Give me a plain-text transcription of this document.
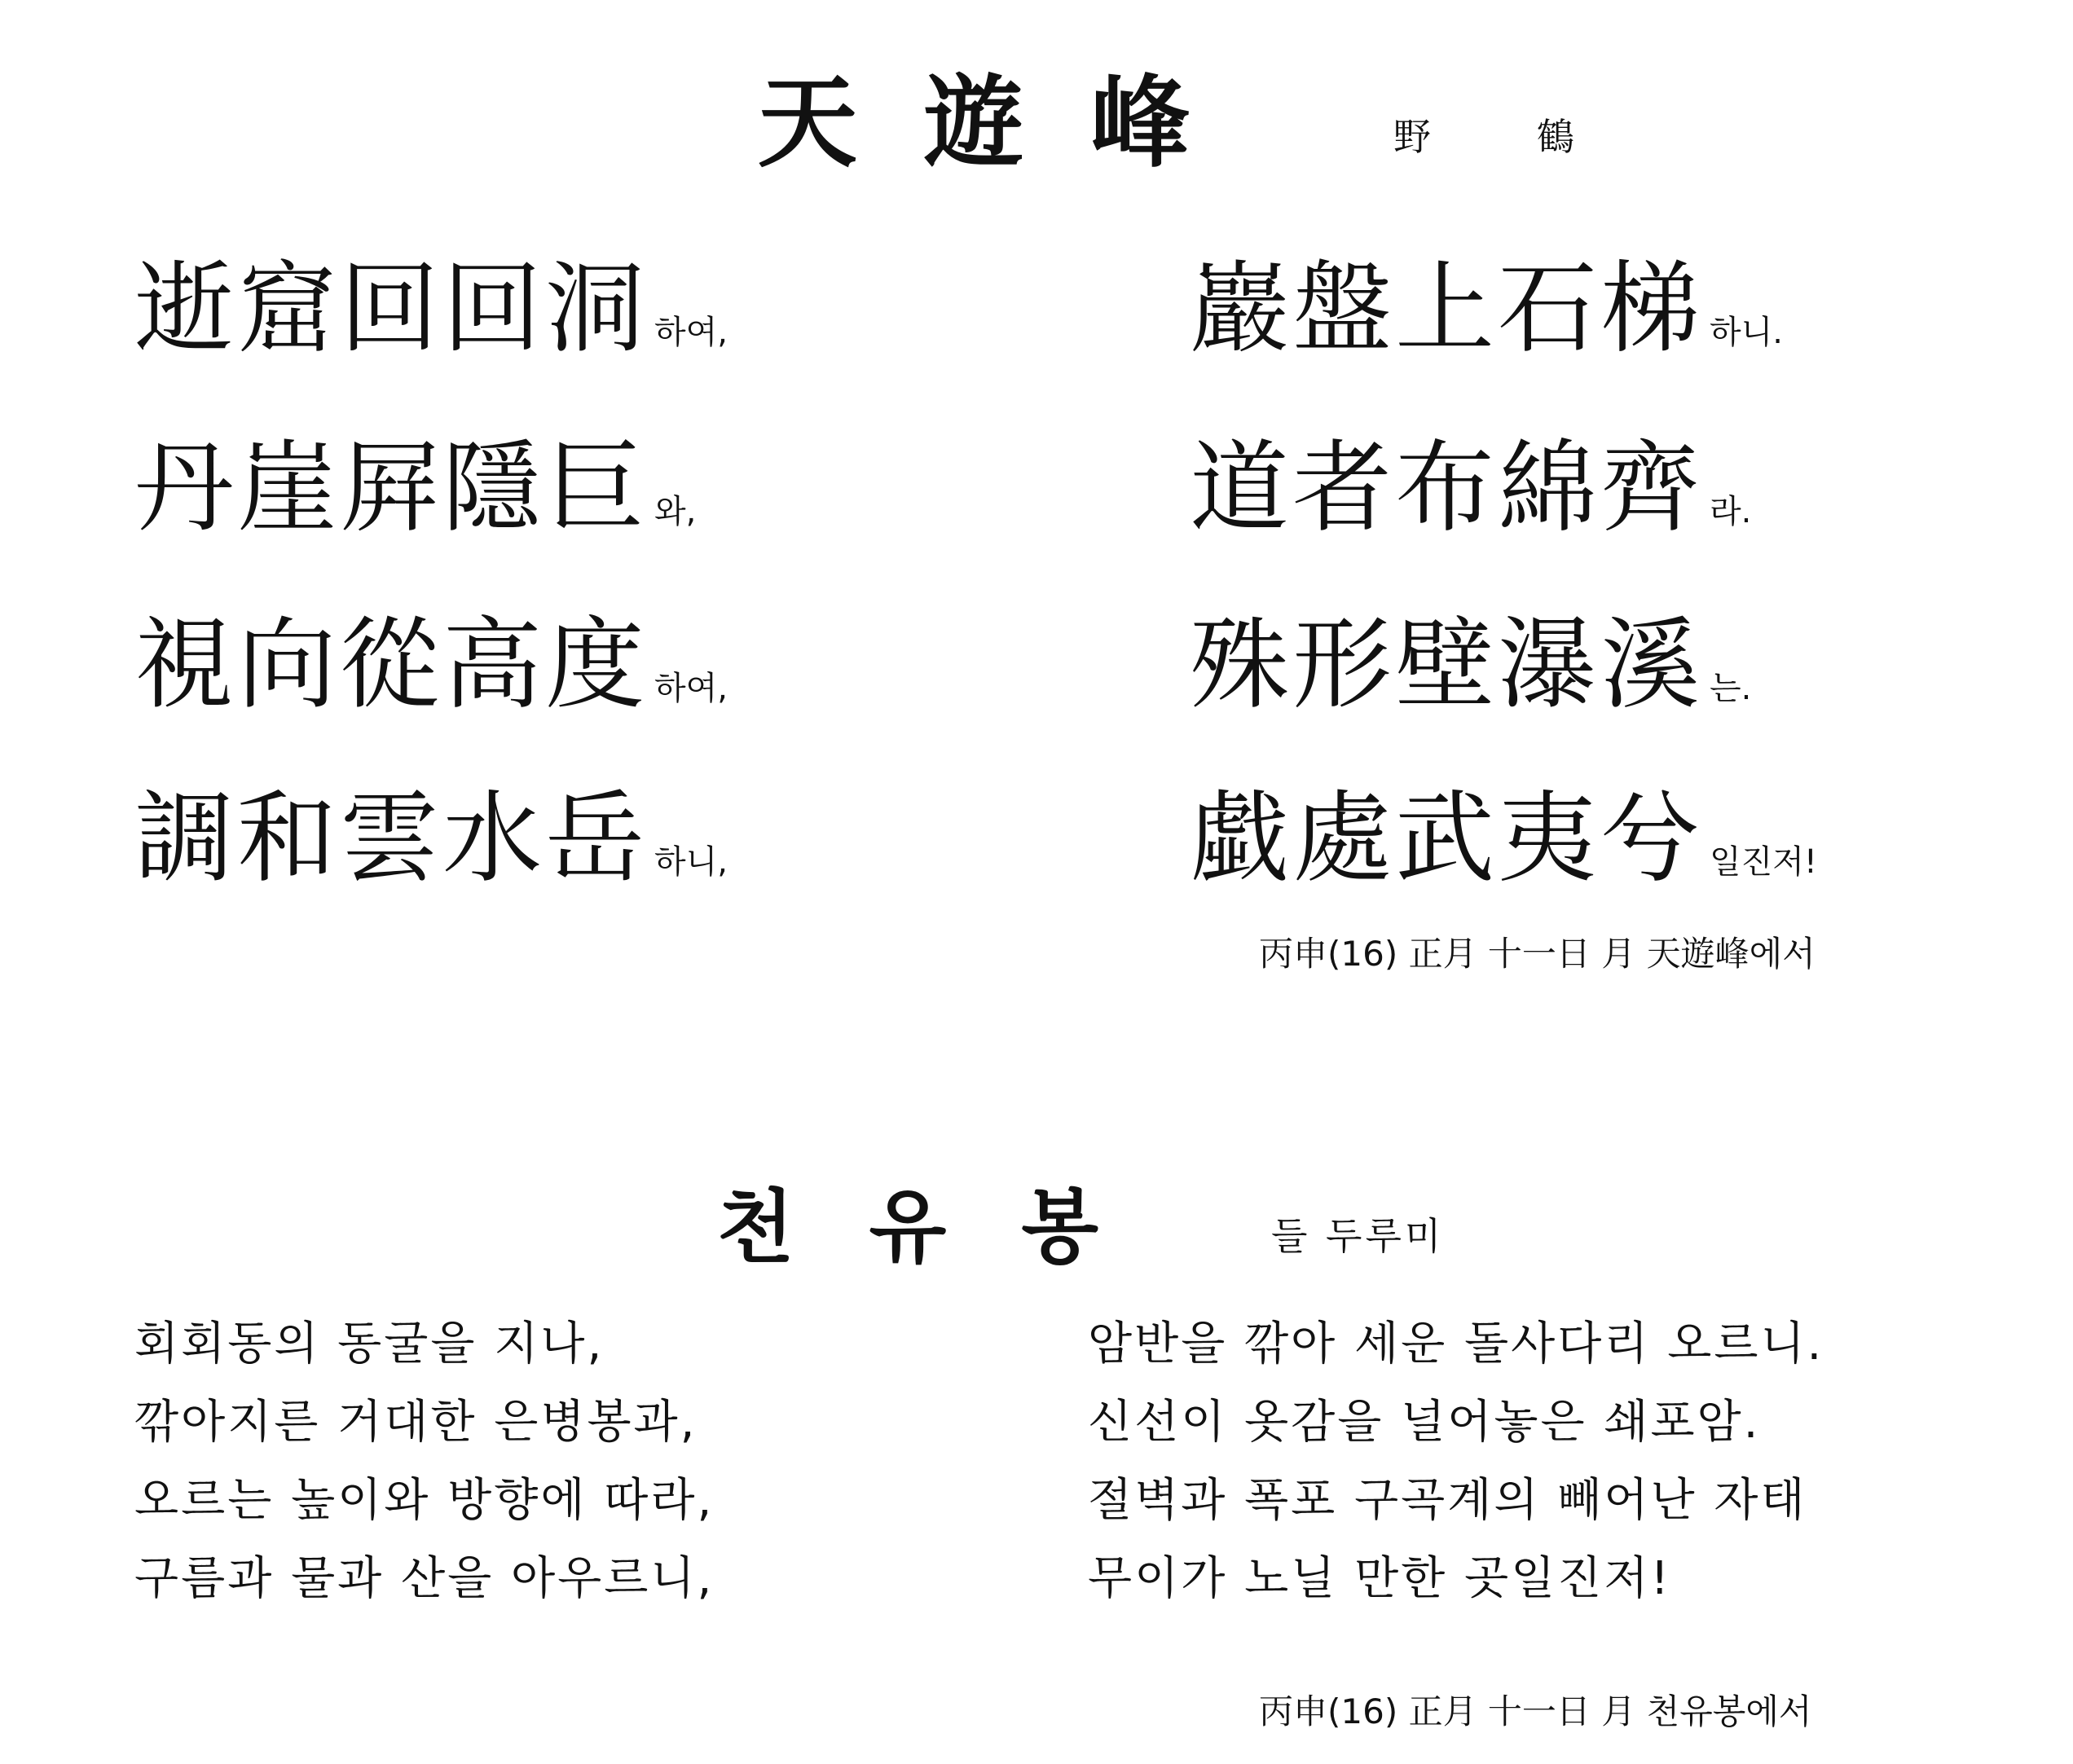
天遊峰	野鶴
逝窟回回洞 하여,
丹崖屛隱巨 와,
視向從高度 하여,
調和雲水岳 하니,
巖盤上石梯 하니.
道者布綿齊 라.
殊形壁瀑溪 는.
戱處武夷兮 일진저!
丙申(16) 正月 十一日 月 天遊峰에서
천유봉	들 두루미
회회동의 동굴을 지나,
깎아지른 거대한 은병봉과,
오르는 높이와 방향에 따라,
구름과 물과 산을 아우르니,
암반을 깎아 세운 돌사다리 오르니.
신선이 옷감을 널어놓은 쇄포암.
절벽과 폭포 구곡계의 빼어난 자태
무이가 노닐 만한 곳일진저!
丙申(16) 正月 十一日 月 천유봉에서
